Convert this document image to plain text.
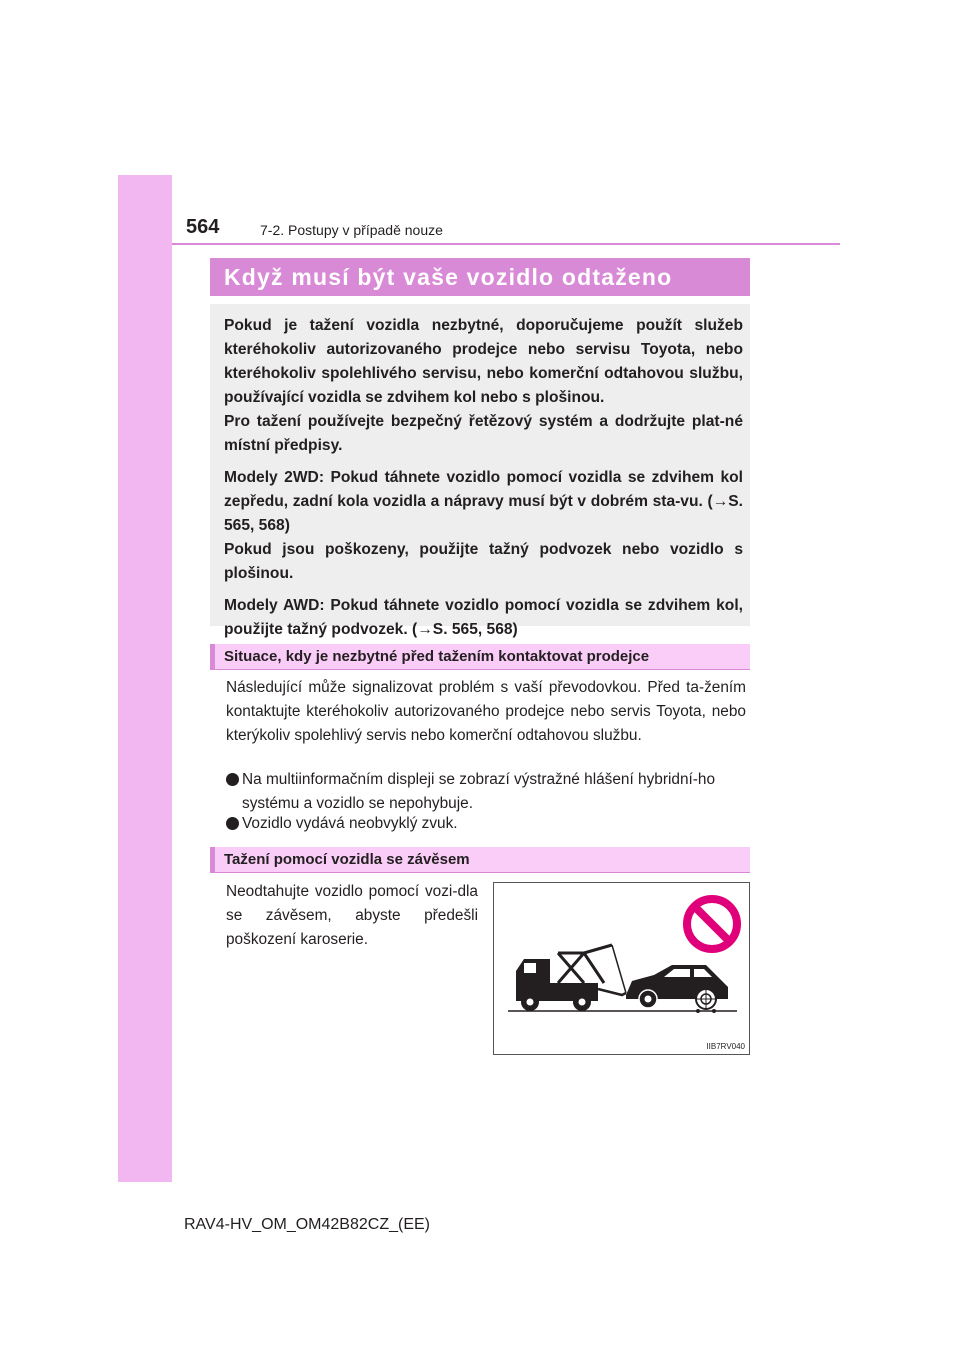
564	7-2. Postupy v případě nouze
Když musí být vaše vozidlo odtaženo

Pokud je tažení vozidla nezbytné, doporučujeme použít služeb kteréhokoliv autorizovaného prodejce nebo servisu Toyota, nebo kteréhokoliv spolehlivého servisu, nebo komerční odtahovou službu, používající vozidla se zdvihem kol nebo s plošinou.

Pro tažení používejte bezpečný řetězový systém a dodržujte plat-né místní předpisy.

Modely 2WD: Pokud táhnete vozidlo pomocí vozidla se zdvihem kol zepředu, zadní kola vozidla a nápravy musí být v dobrém sta-vu. (→S. 565, 568)

Pokud jsou poškozeny, použijte tažný podvozek nebo vozidlo s plošinou.

Modely AWD: Pokud táhnete vozidlo pomocí vozidla se zdvihem kol, použijte tažný podvozek. (→S. 565, 568)

Situace, kdy je nezbytné před tažením kontaktovat prodejce
Následující může signalizovat problém s vaší převodovkou. Před ta-žením kontaktujte kteréhokoliv autorizovaného prodejce nebo servis Toyota, nebo kterýkoliv spolehlivý servis nebo komerční odtahovou službu.
Na multiinformačním displeji se zobrazí výstražné hlášení hybridní-ho systému a vozidlo se nepohybuje.
Vozidlo vydává neobvyklý zvuk.
Tažení pomocí vozidla se závěsem
Neodtahujte vozidlo pomocí vozi-dla se závěsem, abyste předešli poškození karoserie.
IIB7RV040
RAV4-HV_OM_OM42B82CZ_(EE)
